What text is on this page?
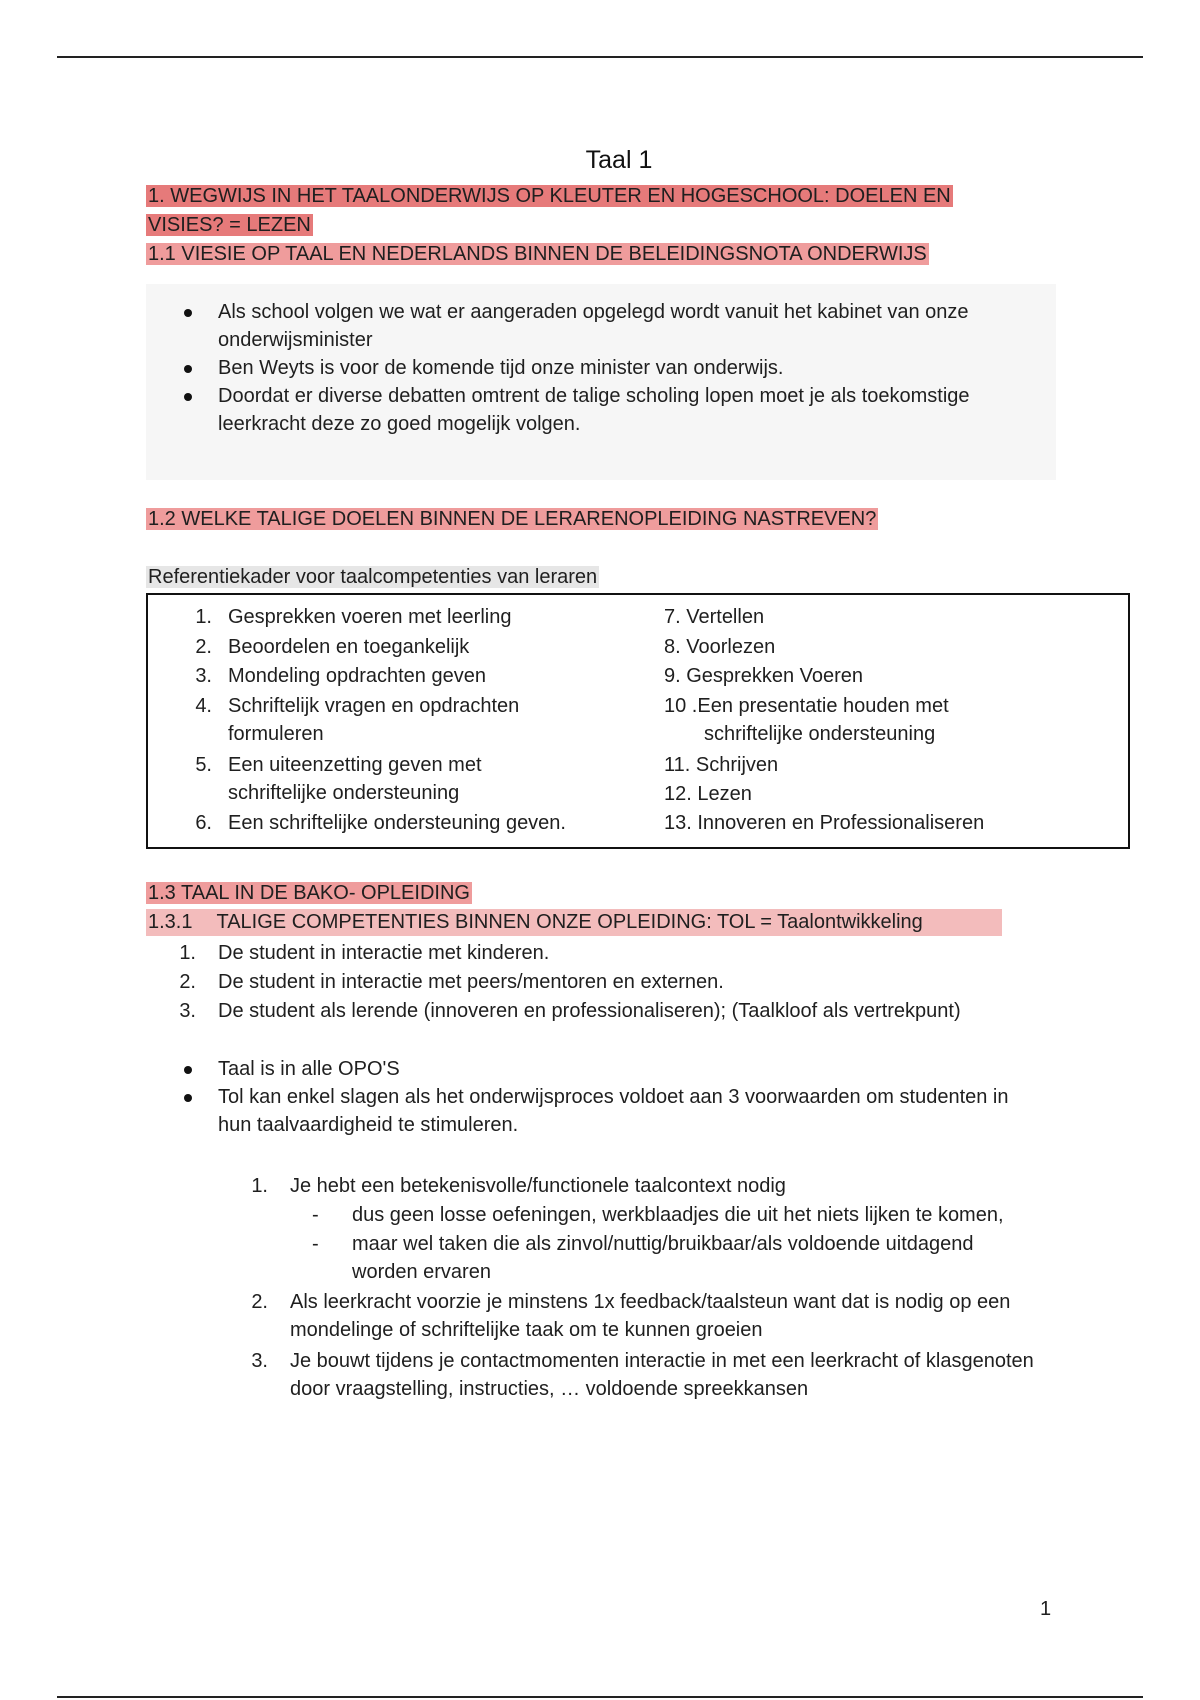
Taal 1
1. WEGWIJS IN HET TAALONDERWIJS OP KLEUTER EN HOGESCHOOL: DOELEN EN
VISIES? = LEZEN
1.1 VIESIE OP TAAL EN NEDERLANDS BINNEN DE BELEIDINGSNOTA ONDERWIJS
Als school volgen we wat er aangeraden opgelegd wordt vanuit het kabinet van onze
onderwijsminister
Ben Weyts is voor de komende tijd onze minister van onderwijs.
Doordat er diverse debatten omtrent de talige scholing lopen moet je als toekomstige
leerkracht deze zo goed mogelijk volgen.
1.2 WELKE TALIGE DOELEN BINNEN DE LERARENOPLEIDING NASTREVEN?
Referentiekader voor taalcompetenties van leraren
1. Gesprekken voeren met leerling
2. Beoordelen en toegankelijk
3. Mondeling opdrachten geven
4. Schriftelijk vragen en opdrachten
formuleren
5. Een uiteenzetting geven met
schriftelijke ondersteuning
6. Een schriftelijke ondersteuning geven.
7. Vertellen
8. Voorlezen
9. Gesprekken Voeren
10 .Een presentatie houden met
schriftelijke ondersteuning
11. Schrijven
12. Lezen
13. Innoveren en Professionaliseren
1.3 TAAL IN DE BAKO- OPLEIDING
1.3.1 TALIGE COMPETENTIES BINNEN ONZE OPLEIDING: TOL = Taalontwikkeling
1. De student in interactie met kinderen.
2. De student in interactie met peers/mentoren en externen.
3. De student als lerende (innoveren en professionaliseren); (Taalkloof als vertrekpunt)
Taal is in alle OPO'S
Tol kan enkel slagen als het onderwijsproces voldoet aan 3 voorwaarden om studenten in
hun taalvaardigheid te stimuleren.
1. Je hebt een betekenisvolle/functionele taalcontext nodig
- dus geen losse oefeningen, werkblaadjes die uit het niets lijken te komen,
- maar wel taken die als zinvol/nuttig/bruikbaar/als voldoende uitdagend
worden ervaren
2. Als leerkracht voorzie je minstens 1x feedback/taalsteun want dat is nodig op een
mondelinge of schriftelijke taak om te kunnen groeien
3. Je bouwt tijdens je contactmomenten interactie in met een leerkracht of klasgenoten
door vraagstelling, instructies, … voldoende spreekkansen
1
